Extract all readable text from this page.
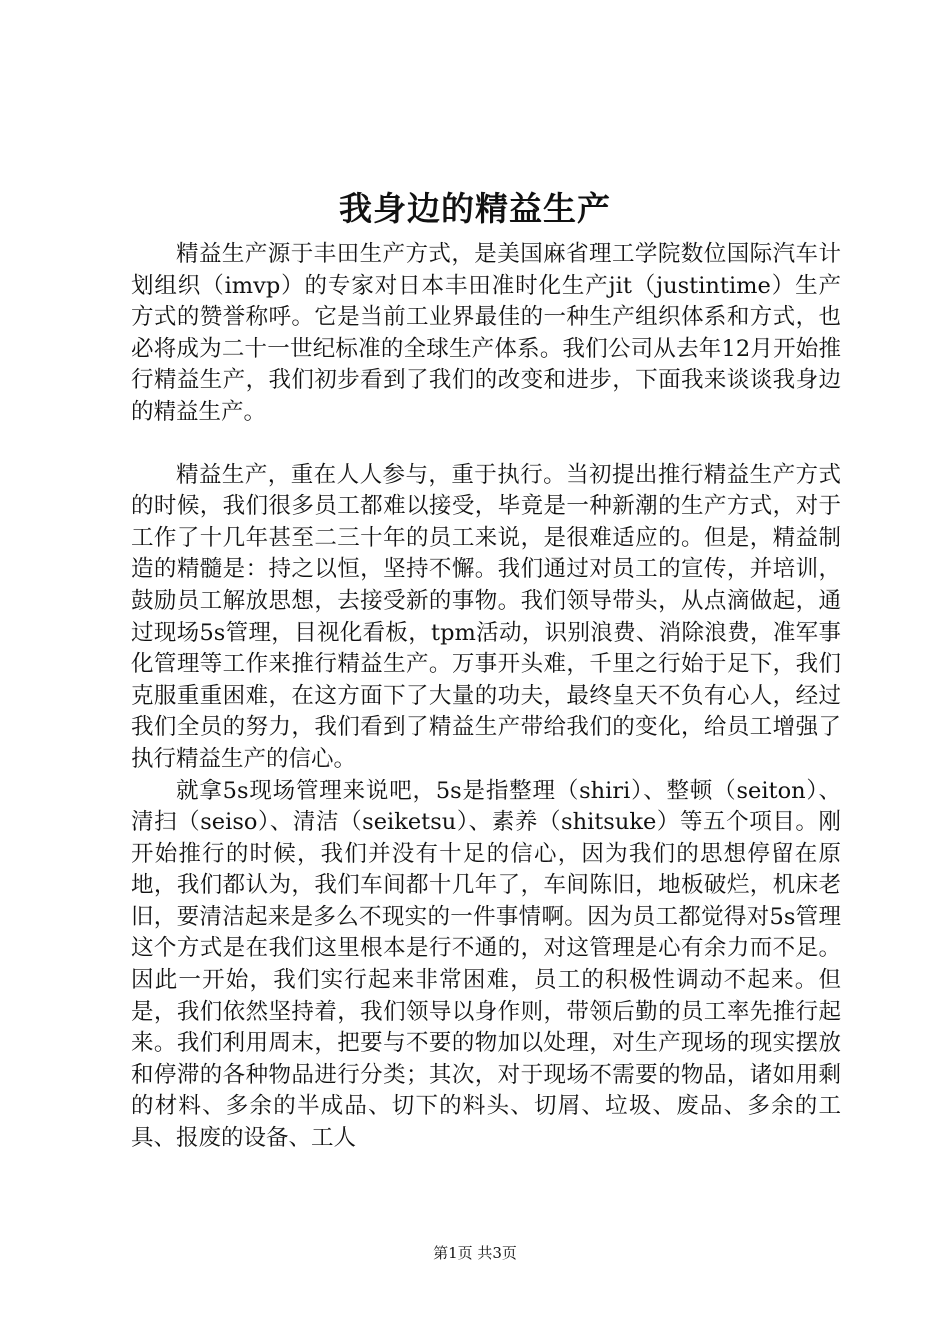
我身边的精益生产

精益生产源于丰田生产方式，是美国麻省理工学院数位国际汽车计划组织（imvp）的专家对日本丰田准时化生产jit（justintime）生产方式的赞誉称呼。它是当前工业界最佳的一种生产组织体系和方式，也必将成为二十一世纪标准的全球生产体系。我们公司从去年12月开始推行精益生产，我们初步看到了我们的改变和进步，下面我来谈谈我身边的精益生产。

精益生产，重在人人参与，重于执行。当初提出推行精益生产方式的时候，我们很多员工都难以接受，毕竟是一种新潮的生产方式，对于工作了十几年甚至二三十年的员工来说，是很难适应的。但是，精益制造的精髓是：持之以恒，坚持不懈。我们通过对员工的宣传，并培训，鼓励员工解放思想，去接受新的事物。我们领导带头，从点滴做起，通过现场5s管理，目视化看板，tpm活动，识别浪费、消除浪费，准军事化管理等工作来推行精益生产。万事开头难，千里之行始于足下，我们克服重重困难，在这方面下了大量的功夫，最终皇天不负有心人，经过我们全员的努力，我们看到了精益生产带给我们的变化，给员工增强了执行精益生产的信心。

就拿5s现场管理来说吧，5s是指整理（shiri）、整顿（seiton）、清扫（seiso）、清洁（seiketsu）、素养（shitsuke）等五个项目。刚开始推行的时候，我们并没有十足的信心，因为我们的思想停留在原地，我们都认为，我们车间都十几年了，车间陈旧，地板破烂，机床老旧，要清洁起来是多么不现实的一件事情啊。因为员工都觉得对5s管理这个方式是在我们这里根本是行不通的，对这管理是心有余力而不足。因此一开始，我们实行起来非常困难，员工的积极性调动不起来。但是，我们依然坚持着，我们领导以身作则，带领后勤的员工率先推行起来。我们利用周末，把要与不要的物加以处理，对生产现场的现实摆放和停滞的各种物品进行分类；其次，对于现场不需要的物品，诸如用剩的材料、多余的半成品、切下的料头、切屑、垃圾、废品、多余的工具、报废的设备、工人

第1页 共3页
